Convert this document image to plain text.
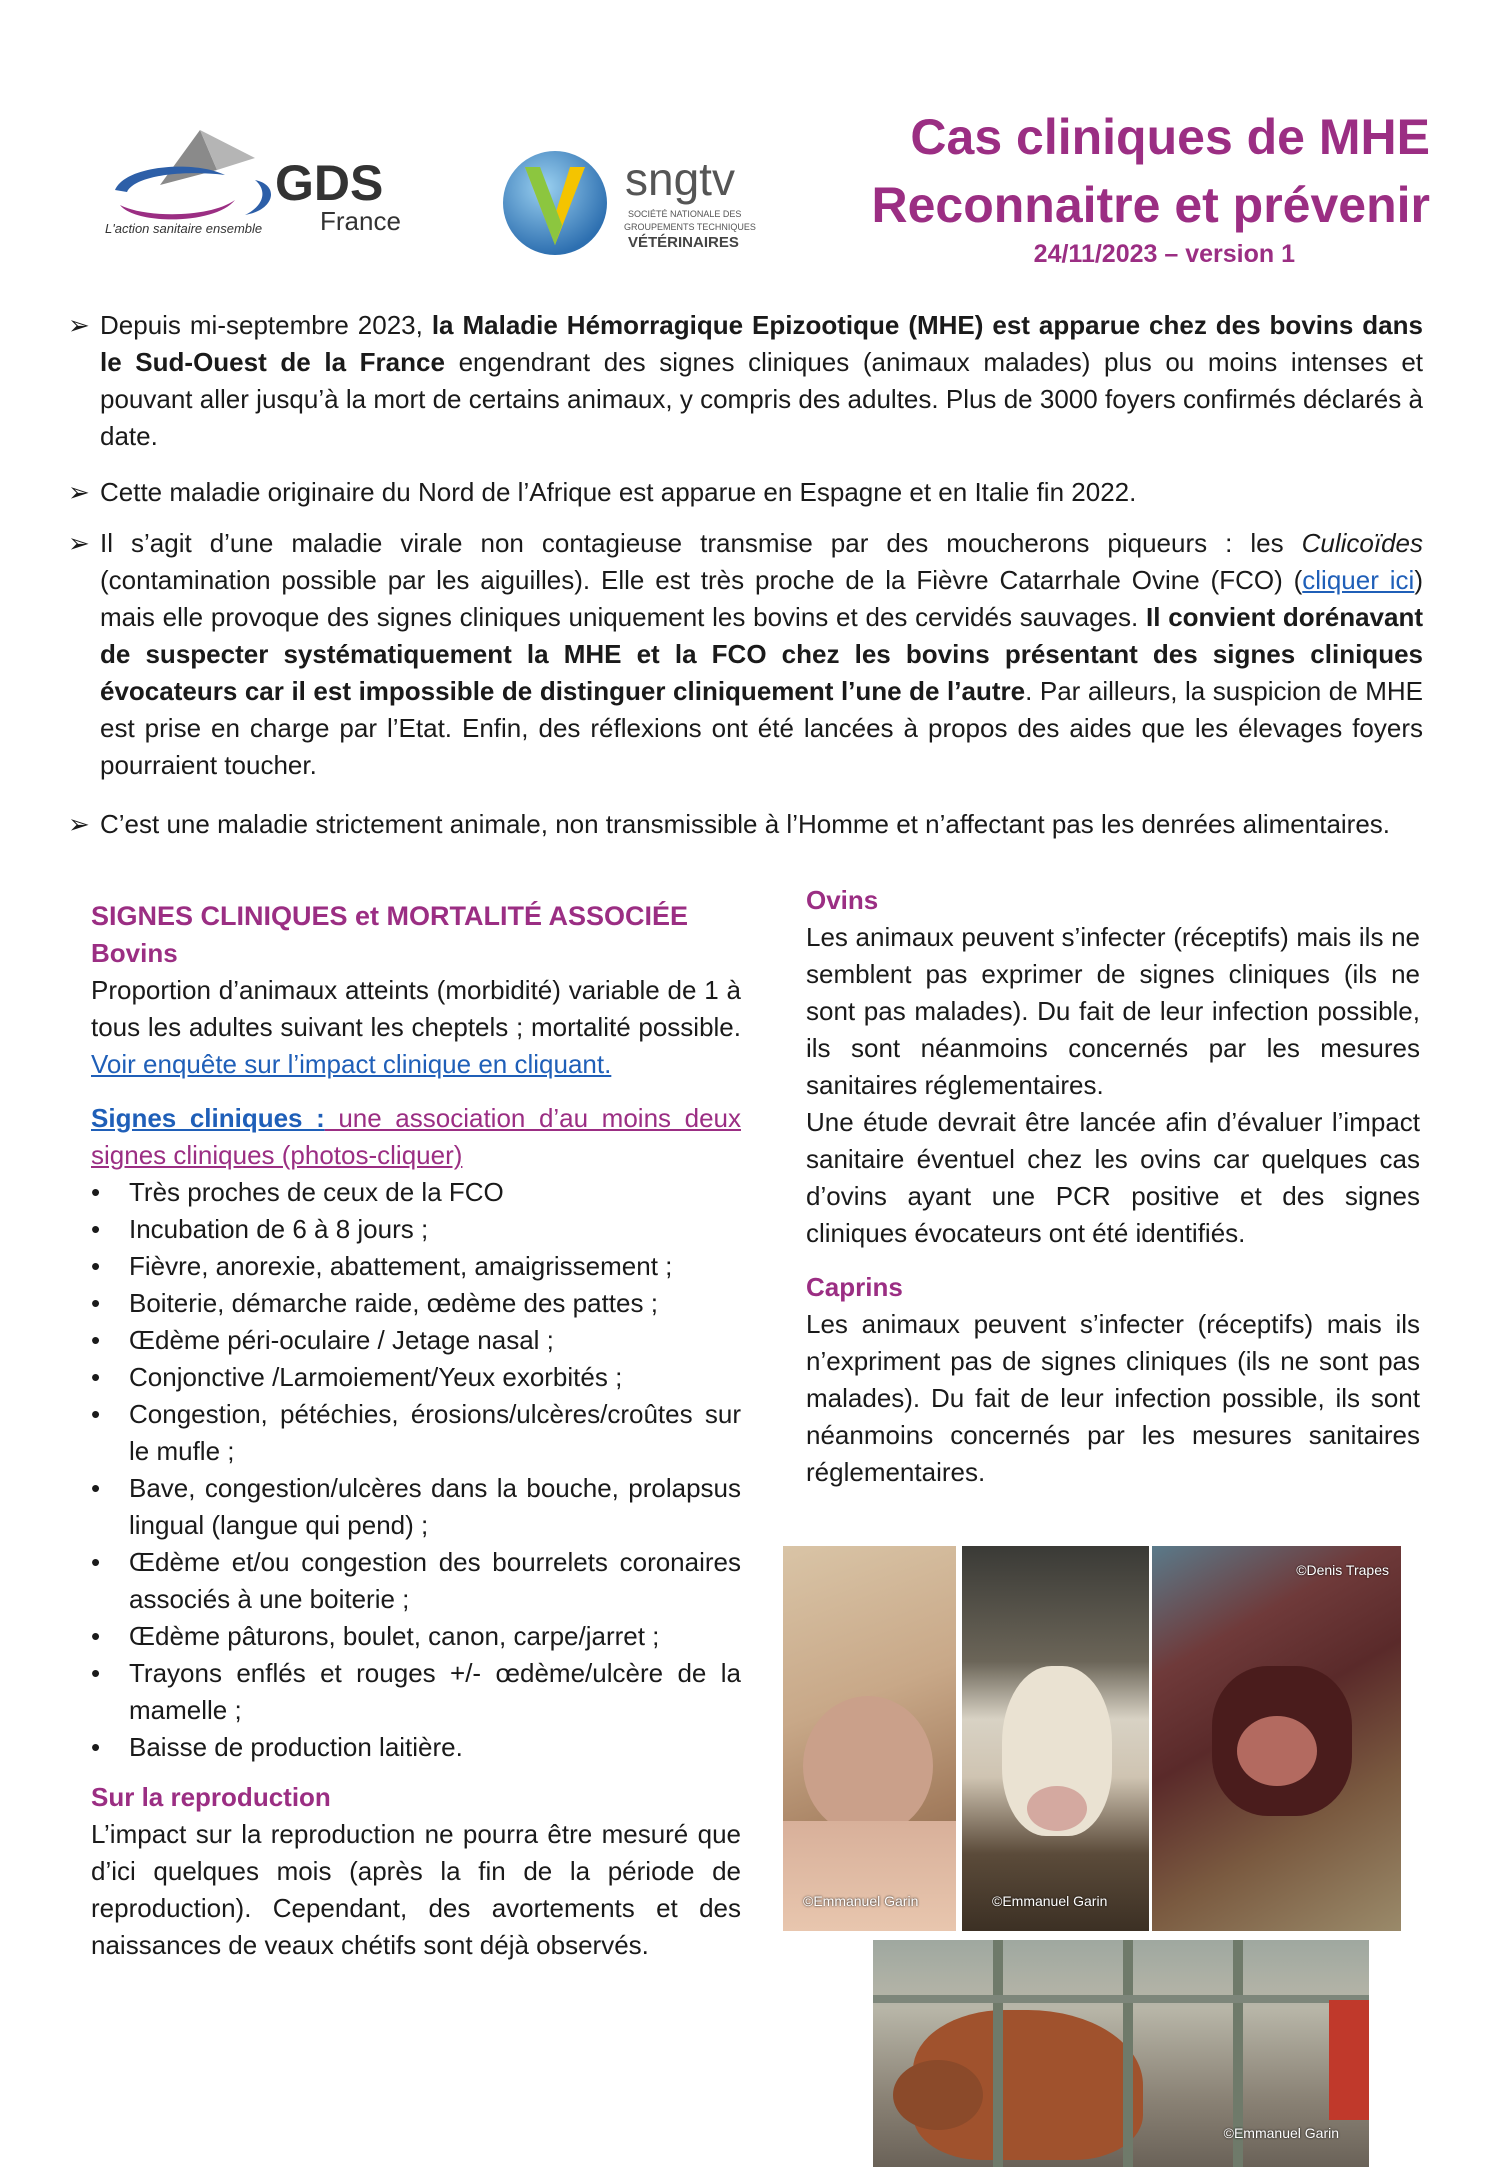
GDS
France
L'action sanitaire ensemble
sngtv
SOCIÉTÉ NATIONALE DES
GROUPEMENTS TECHNIQUES
VÉTÉRINAIRES
Cas cliniques de MHE
Reconnaitre et prévenir
24/11/2023 – version 1
➢ Depuis mi-septembre 2023, la Maladie Hémorragique Epizootique (MHE) est apparue chez des bovins dans le Sud-Ouest de la France engendrant des signes cliniques (animaux malades) plus ou moins intenses et pouvant aller jusqu’à la mort de certains animaux, y compris des adultes. Plus de 3000 foyers confirmés déclarés à date.
➢ Cette maladie originaire du Nord de l’Afrique est apparue en Espagne et en Italie fin 2022.
➢ Il s’agit d’une maladie virale non contagieuse transmise par des moucherons piqueurs : les Culicoïdes (contamination possible par les aiguilles). Elle est très proche de la Fièvre Catarrhale Ovine (FCO) (cliquer ici) mais elle provoque des signes cliniques uniquement les bovins et des cervidés sauvages. Il convient dorénavant de suspecter systématiquement la MHE et la FCO chez les bovins présentant des signes cliniques évocateurs car il est impossible de distinguer cliniquement l’une de l’autre. Par ailleurs, la suspicion de MHE est prise en charge par l’Etat. Enfin, des réflexions ont été lancées à propos des aides que les élevages foyers pourraient toucher.
➢ C’est une maladie strictement animale, non transmissible à l’Homme et n’affectant pas les denrées alimentaires.
SIGNES CLINIQUES et MORTALITÉ ASSOCIÉE
Bovins
Proportion d’animaux atteints (morbidité) variable de 1 à tous les adultes suivant les cheptels ; mortalité possible. Voir enquête sur l’impact clinique en cliquant.
Signes cliniques : une association d’au moins deux signes cliniques (photos-cliquer)
• Très proches de ceux de la FCO
• Incubation de 6 à 8 jours ;
• Fièvre, anorexie, abattement, amaigrissement ;
• Boiterie, démarche raide, œdème des pattes ;
• Œdème péri-oculaire / Jetage nasal ;
• Conjonctive /Larmoiement/Yeux exorbités ;
• Congestion, pétéchies, érosions/ulcères/croûtes sur le mufle ;
• Bave, congestion/ulcères dans la bouche, prolapsus lingual (langue qui pend) ;
• Œdème et/ou congestion des bourrelets coronaires associés à une boiterie ;
• Œdème pâturons, boulet, canon, carpe/jarret ;
• Trayons enflés et rouges +/- œdème/ulcère de la mamelle ;
• Baisse de production laitière.
Sur la reproduction
L’impact sur la reproduction ne pourra être mesuré que d’ici quelques mois (après la fin de la période de reproduction). Cependant, des avortements et des naissances de veaux chétifs sont déjà observés.
Ovins
Les animaux peuvent s’infecter (réceptifs) mais ils ne semblent pas exprimer de signes cliniques (ils ne sont pas malades). Du fait de leur infection possible, ils sont néanmoins concernés par les mesures sanitaires réglementaires.
Une étude devrait être lancée afin d’évaluer l’impact sanitaire éventuel chez les ovins car quelques cas d’ovins ayant une PCR positive et des signes cliniques évocateurs ont été identifiés.
Caprins
Les animaux peuvent s’infecter (réceptifs) mais ils n’expriment pas de signes cliniques (ils ne sont pas malades). Du fait de leur infection possible, ils sont néanmoins concernés par les mesures sanitaires réglementaires.
©Emmanuel Garin	©Emmanuel Garin
©Denis Trapes
©Emmanuel Garin
